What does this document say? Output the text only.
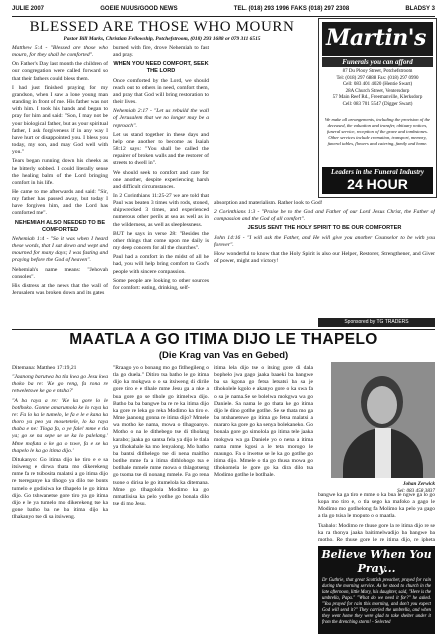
JULIE 2007	GOEIE NUUS/GOOD NEWS	TEL. (018) 293 1996 FAKS (018) 297 2308	BLADSY 3
BLESSED ARE THOSE WHO MOURN
Pastor Bill Marks, Christian Fellowship, Potchefstroom, (018) 293 1688 or 079 311 6515

Matthew 5:4 - "Blessed are those who mourn, for they shall be comforted".

On Father's Day last month the children of our congregation were called forward so that their fathers could bless them.

I had just finished praying for my grandson, when I saw a lone young man standing in front of me. His father was not with him. I took his hands and began to pray for him and said: "Son, I may not be your biological father, but as your spiritual father, I ask forgiveness if in any way I have hurt or disappointed you. I bless you today, my son, and may God well with you."

Tears began running down his cheeks as he bitterly sobbed. I could literally sense the healing balm of the Lord bringing comfort in his life.

He came to me afterwards and said: "Sir, my father has passed away, but today I have forgiven him, and the Lord has comforted me".

NEHEMIAH ALSO NEEDED TO BE COMFORTED

Nehemiah 1:4 - "So it was when I heard these words, that I sat down and wept and mourned for many days; I was fasting and praying before the God of heaven".

Nehemiah's name means: "Jehovah consoles".

His distress at the news that the wall of Jerusalem was broken down and its gates

burned with fire, drove Nehemiah to fast and pray.

WHEN YOU NEED COMFORT, SEEK THE LORD

Once comforted by the Lord, we should reach out to others in need, comfort them, and pray that God will bring restoration to their lives.

Nehemiah 2:17 - "Let us rebuild the wall of Jerusalem that we no longer may be a reproach".

Let us stand together in these days and help one another to become as Isaiah 58:12 says: "You shall be called the repairer of broken walls and the restorer of streets to dwell in".

We should seek to comfort and care for one another, despite experiencing harsh and difficult circumstances.

In 2 Corinthians 11:25-27 we are told that Paul was beaten 3 times with rods, stoned, shipwrecked 3 times, and experienced numerous other perils at sea as well as in the wilderness, as well as sleeplessness.

BUT he says in verse 28: "Besides the other things that come upon me daily is my deep concern for all the churches".

Paul had a comfort in the midst of all he had, you will help bring comfort to God's people with sincere compassion.

Some people are looking to other sources for comfort: eating, drinking, self-

absorption and materialism. Rather look to God!

2 Corinthians 1:3 - "Praise be to the God and Father of our Lord Jesus Christ, the Father of compassion and the God of all comfort".

JESUS SENT THE HOLY SPIRIT TO BE OUR COMFORTER

John 14:16 - "I will ask the Father, and He will give you another Counselor to be with you forever".

How wonderful to know that the Holy Spirit is also our Helper, Restorer, Strengthener, and Giver of power, might and victory!

Martin's
Funerals you can afford
87 Du Plooy Street, Potchefstroom
Tel: (018) 297 6888 Fax: (018) 297 0990
Cell: 083 401 4020 (Hentie Swart)
28A Church Street, Ventersdorp
57 Main Reef Rd., Freemanville, Klerksdorp
Cell: 083 701 5547 (Digger Swart)
We make all arrangements, including the provision of the deceased, the valuation and transfer, obituary notices, funeral service, reception of the grave and tombstones. Other services include cremation, transport, memory, funeral tables, flowers and catering, family and home.
Leaders in the Funeral Industry
24 HOUR
Sponsored by TG TRADERS
MAATLA A GO ITIMA DIJO LE THAPELO
(Die Krag van Vas en Gebed)

Ditemana: Mattheo 17:19,21

"Jaanong barutwa ba tla kwa go Jesu kwa thoko ba re: 'Ke go reng, fa rona re retweletswe ke go e ntsha?'

"A ba raya a re: 'Ke ka gore lo le botlhoko. Gonne amarumola ke lo raya ka re: Fa lo ka le tumelo, le fa e le e kana ka thoro ya peo ya mosetetele, lo ka raya thaba e ne: Tloga fa, o ye fale! mme e tla ya; go se na sepe se se ka lo palelang.' Mme mofuta o ke ga o tswe, fa e se ka thapelo le ka go itima dijo.'

Ditukanyo: Go itima dijo ke tiro e e sa itsiweng e dirwa thata mo dikerekeng mme fa re tsibosita malatsi a go itima dijo re tsereganye ka tlhogo ya dilo tse bonts tumelo e godisiwa ke tlhapelo le go itima dijo. Go tshwanetse gore tiro ya go itima dijo e le ya tumelo mo dikerekeng tse ka gone batho ba ne ba itima dijo ka tlhakanyo tse di sa itsiweng.

"Rraago yo o bonang mo go fitlhegileng o tla go duela." Ditiro tsa batho le go itima dijo ka mokgwa o o sa itsiweng di dirile gore tiro e e tlhale mme Jesu ga a nke a bua gore go se tlhole go itimelwa dijo. Batho ba ba bangwe ba re re ka itima dijo ka gore re leka go reka Modimo ka tiro e. Mme jaanong gonna re itima dijo? Mmele wa motho ke nama, mowa o tlhagoanyo. Motho o na le dithebego tse di tlholang karabo; jaaka go santsa fela ya dijo le tlala ya tlhokahale ka mo lenyalong. Mo batho ba bantsi ditlhelego tse di nena maitlho botlhe mme fa a itima dithlohogo tsa e botlhale mmele mme mowa o thlagotseng go tsoma tse di nonang mmele. Fa go rena tsone o dirisa le go itumelola ka ditemana. Mme go tlhagolola Modimo ka go mmatlisisa ka pelo yotlhe go bonala dilo tse di mo Jesu.

itima lela dijo tse o itsing gore di dala bophelo jwa gago jaaka baaeki ba bangwe ba sa kgona go fetsa letsatsi ba sa je tlhokolele kgolo e akanyo gore o ka swa fa o sa je nama.Se se bolelwa mokgwa wa go Daniele. Sa nama le go thata ke go itima dijo le dino gotlhe gotlhe. Se se thata mo ga ba ntshanetswe go itima go fetsa malatsi a mararo ka gore go ka senya bolekaneko. Go bonala gore go simolola go itima tele jaaka mokgwa wa ga Daniele yo o nena a itima nama mme kgosi a le teta morogo le maungo. Fa o itwetse se le ka go gotlhe go itima dijo. Mmele o tla go thusa mowa go tlhokomela le gore go ka dira dilo tsa Modimo gotlhe le botlhale.

Johan Zerwick
Sel: 083 458 3837

bangwe ka ga tiro e mme o ka bua le ngwe ga lo go kopa mo tiro e, o tla sego ka mafoko a gago le Modimo mo gotlhelong fa Molimo ka pelo ya gago a tla go tsisa le moputo o o maatla.

Tsabalo: Modimo re thuse gore la re itima dijo re se ka ra thonya jaaka baitimelwadijo ba bangwe ba motho. Re thuse gore le re itima dijo, re ipheta

Believe When You Pray...
Dr Guthrie, that great Scottish preacher, prayed for rain during the morning service. As he stood to church in the late afternoon, little Mary, his daughter, said, "Here is the umbrella, Papa." "What do we need it for?" he asked. "You prayed for rain this morning, and don't you expect God will send it?" They carried the umbrella, and when they went home they were glad to take shelter under it from the drenching storm! - Selected
